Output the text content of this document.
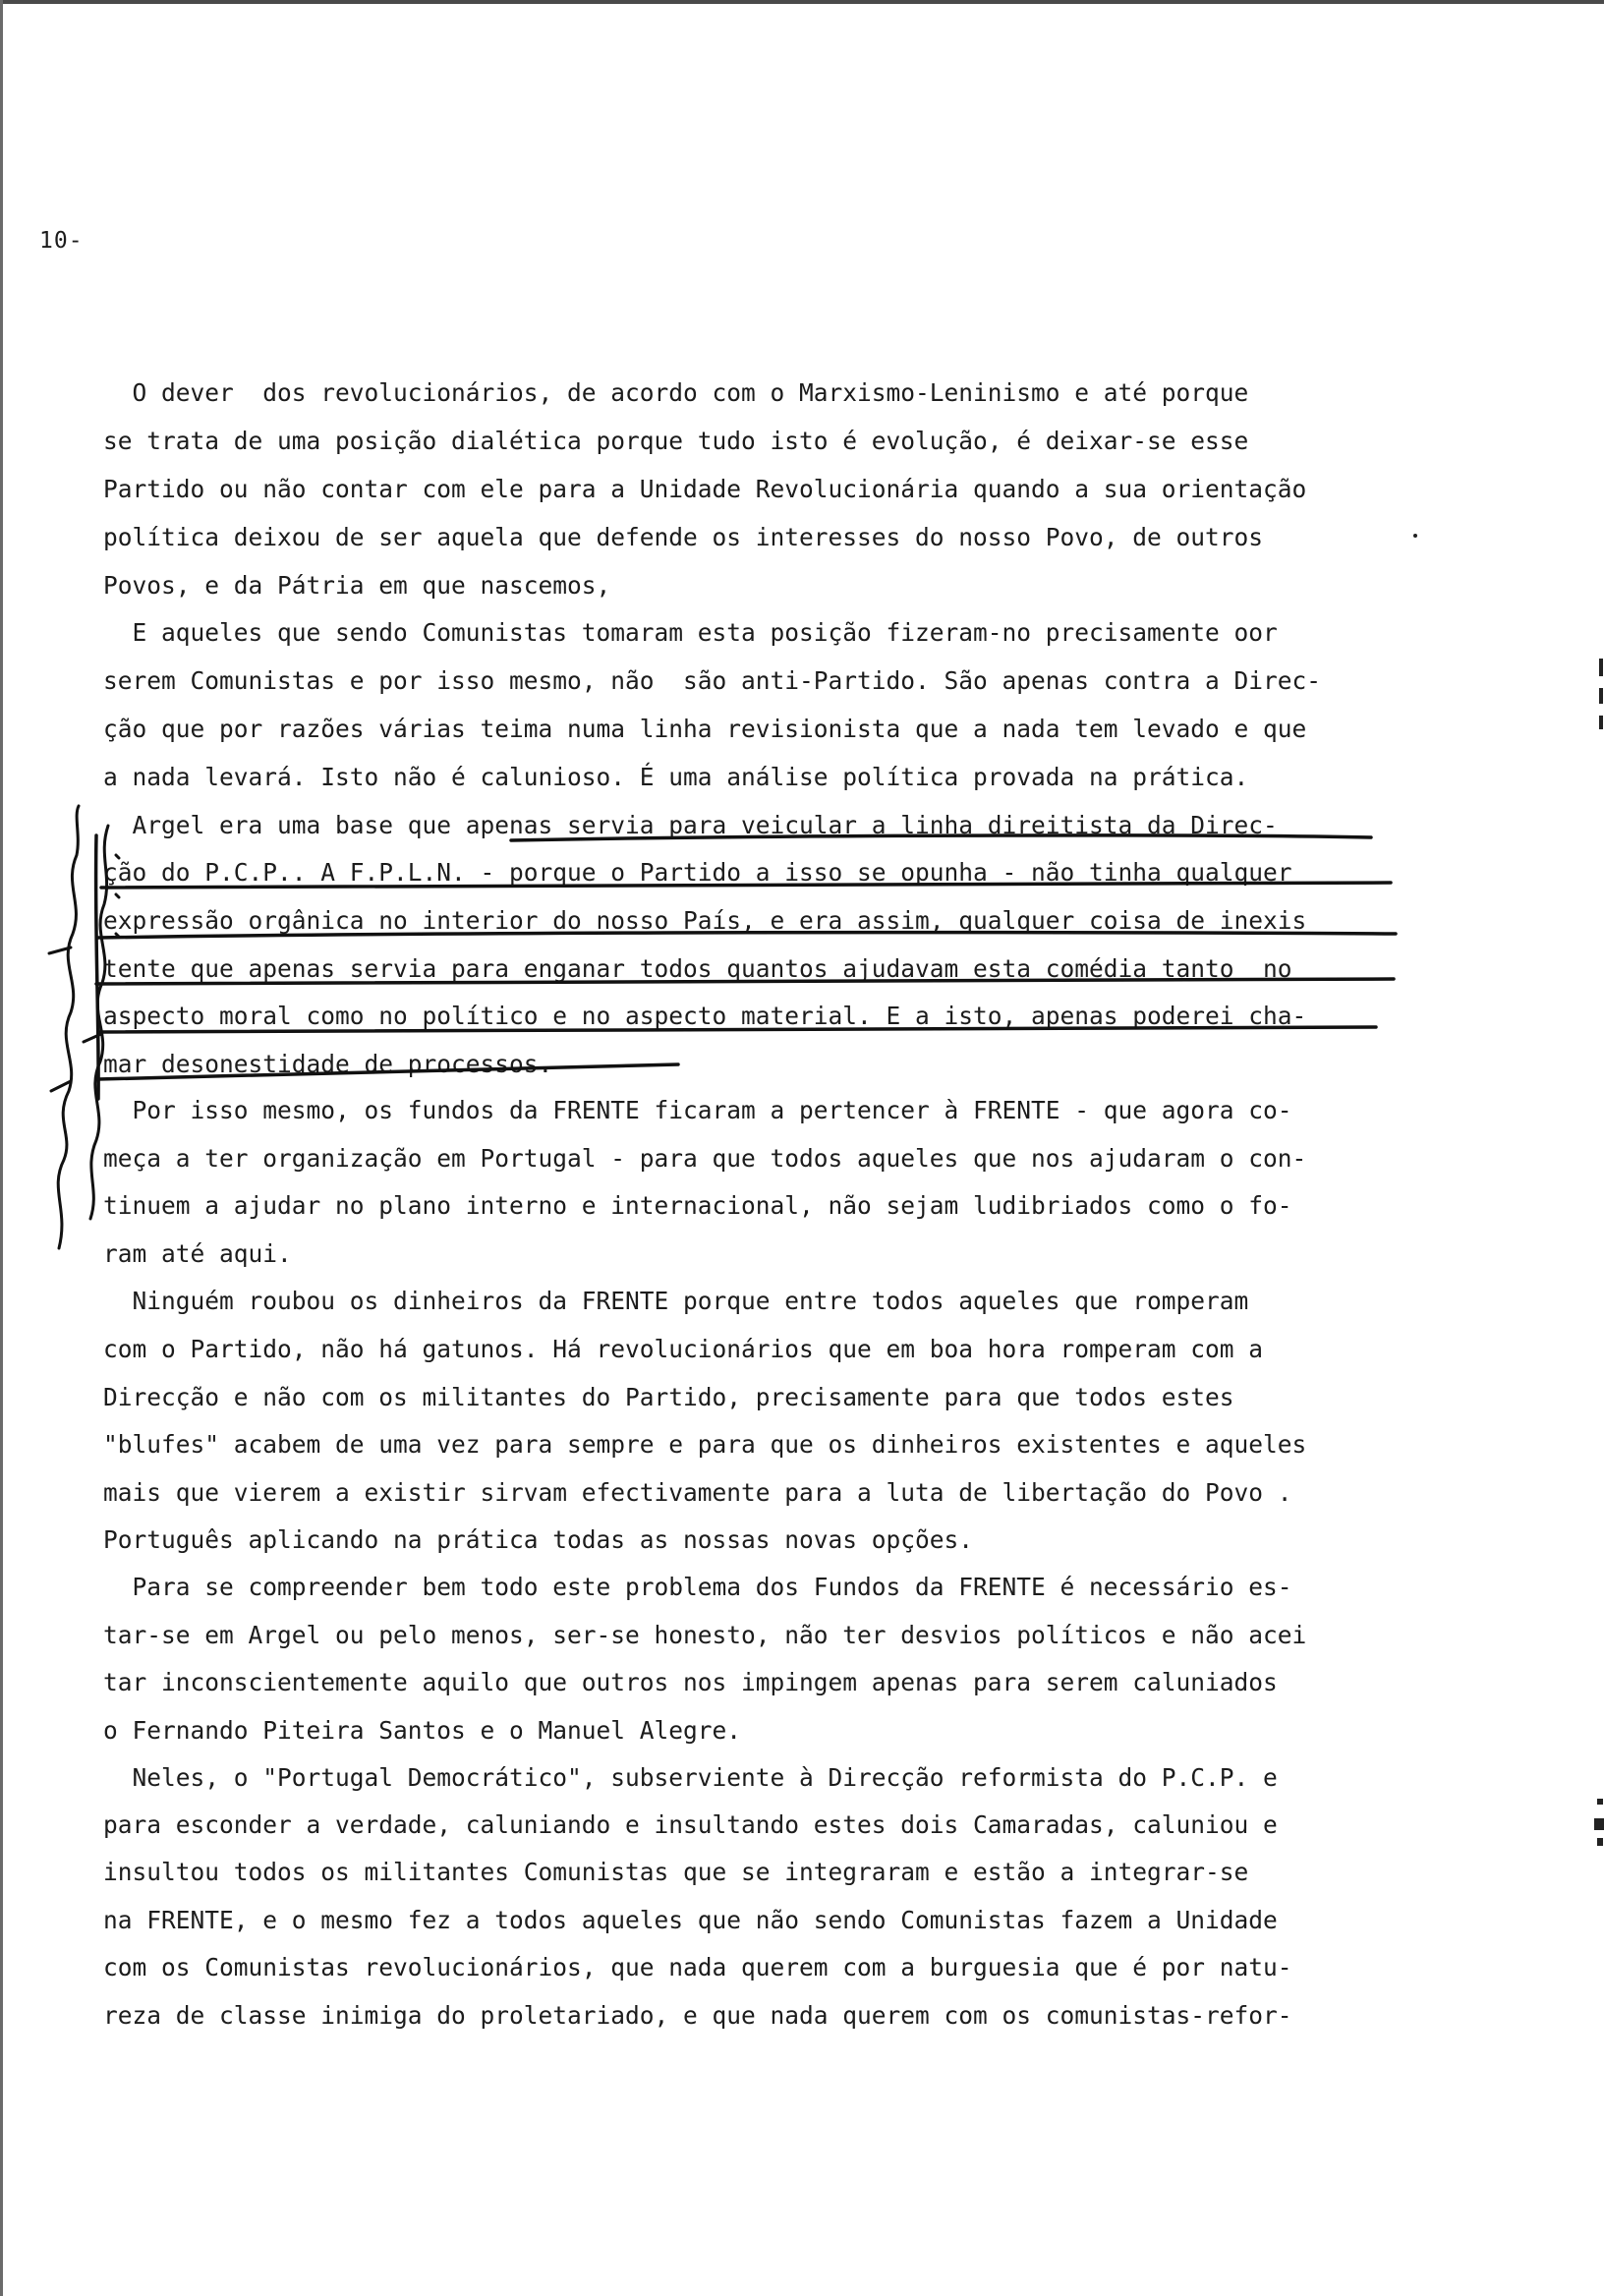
10-
O dever  dos revolucionários, de acordo com o Marxismo-Leninismo e até porque
se trata de uma posição dialética porque tudo isto é evolução, é deixar-se esse
Partido ou não contar com ele para a Unidade Revolucionária quando a sua orientação
política deixou de ser aquela que defende os interesses do nosso Povo, de outros
Povos, e da Pátria em que nascemos,
E aqueles que sendo Comunistas tomaram esta posição fizeram-no precisamente oor
serem Comunistas e por isso mesmo, não  são anti-Partido. São apenas contra a Direc-
ção que por razões várias teima numa linha revisionista que a nada tem levado e que
a nada levará. Isto não é calunioso. É uma análise política provada na prática.
Argel era uma base que apenas servia para veicular a linha direitista da Direc-
ção do P.C.P.. A F.P.L.N. - porque o Partido a isso se opunha - não tinha qualquer
expressão orgânica no interior do nosso País, e era assim, qualquer coisa de inexis
tente que apenas servia para enganar todos quantos ajudavam esta comédia tanto  no
aspecto moral como no político e no aspecto material. E a isto, apenas poderei cha-
mar desonestidade de processos.
Por isso mesmo, os fundos da FRENTE ficaram a pertencer à FRENTE - que agora co-
meça a ter organização em Portugal - para que todos aqueles que nos ajudaram o con-
tinuem a ajudar no plano interno e internacional, não sejam ludibriados como o fo-
ram até aqui.
Ninguém roubou os dinheiros da FRENTE porque entre todos aqueles que romperam
com o Partido, não há gatunos. Há revolucionários que em boa hora romperam com a
Direcção e não com os militantes do Partido, precisamente para que todos estes
"blufes" acabem de uma vez para sempre e para que os dinheiros existentes e aqueles
mais que vierem a existir sirvam efectivamente para a luta de libertação do Povo .
Português aplicando na prática todas as nossas novas opções.
Para se compreender bem todo este problema dos Fundos da FRENTE é necessário es-
tar-se em Argel ou pelo menos, ser-se honesto, não ter desvios políticos e não acei
tar inconscientemente aquilo que outros nos impingem apenas para serem caluniados
o Fernando Piteira Santos e o Manuel Alegre.
Neles, o "Portugal Democrático", subserviente à Direcção reformista do P.C.P. e
para esconder a verdade, caluniando e insultando estes dois Camaradas, caluniou e
insultou todos os militantes Comunistas que se integraram e estão a integrar-se
na FRENTE, e o mesmo fez a todos aqueles que não sendo Comunistas fazem a Unidade
com os Comunistas revolucionários, que nada querem com a burguesia que é por natu-
reza de classe inimiga do proletariado, e que nada querem com os comunistas-refor-
